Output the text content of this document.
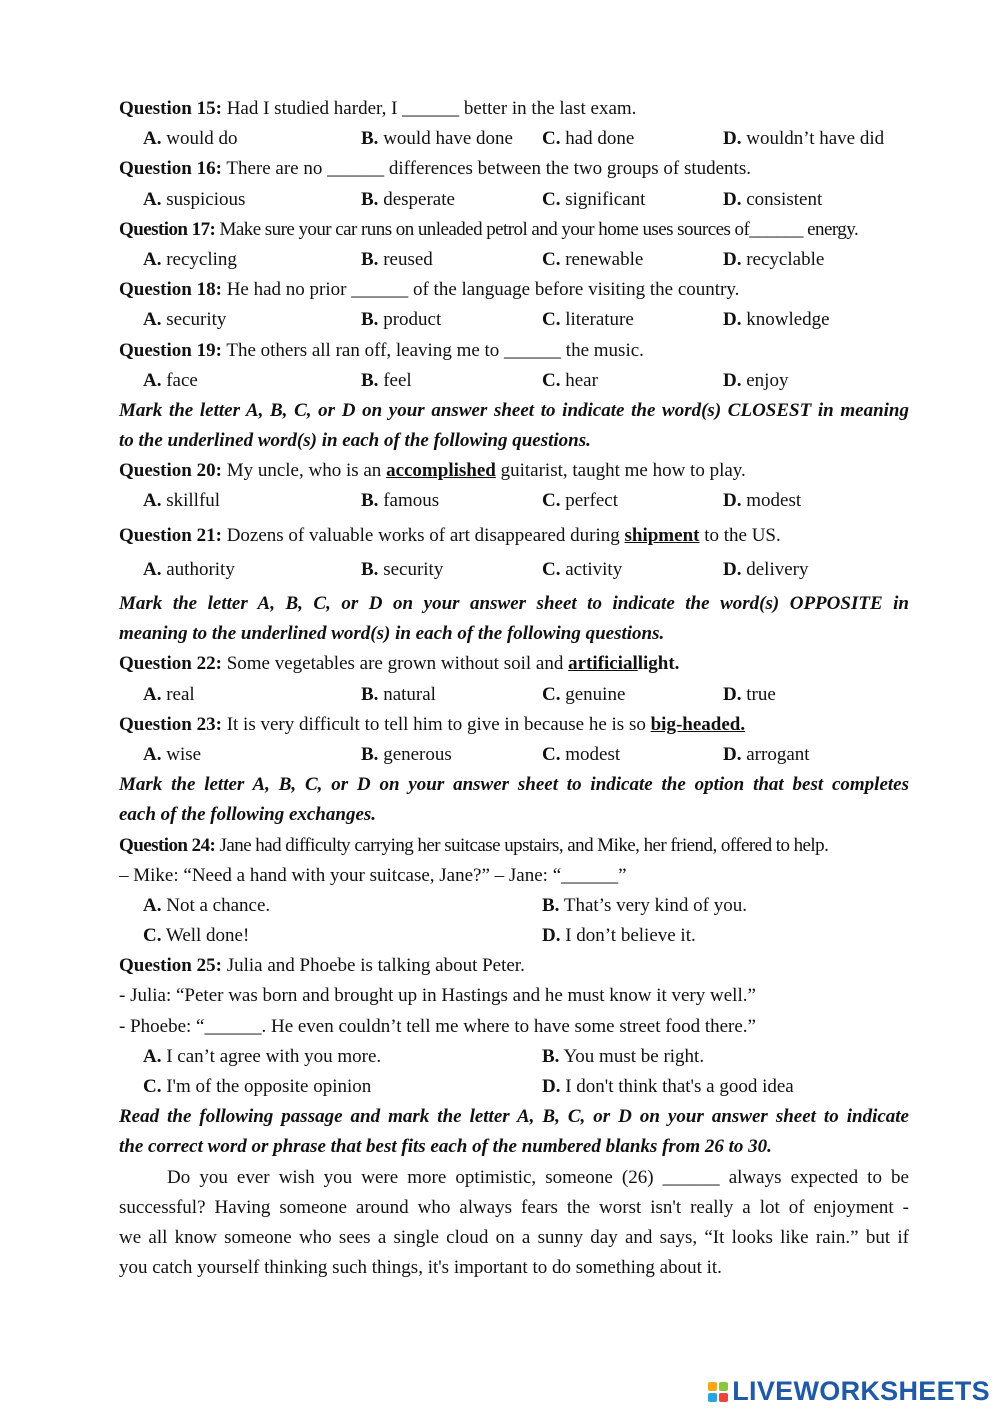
Question 15: Had I studied harder, I ______ better in the last exam.
A. would do	B. would have done C. had done	D. wouldn’t have did
Question 16: There are no ______ differences between the two groups of students.
A. suspicious	B. desperate	C. significant	D. consistent
Question 17: Make sure your car runs on unleaded petrol and your home uses sources of______ energy.
A. recycling	B. reused	C. renewable	D. recyclable
Question 18: He had no prior ______ of the language before visiting the country.
A. security	B. product	C. literature	D. knowledge
Question 19: The others all ran off, leaving me to ______ the music.
A. face	B. feel	C. hear	D. enjoy
Mark the letter A, B, C, or D on your answer sheet to indicate the word(s) CLOSEST in meaning
to the underlined word(s) in each of the following questions.
Question 20: My uncle, who is an accomplished guitarist, taught me how to play.
A. skillful	B. famous	C. perfect	D. modest
Question 21: Dozens of valuable works of art disappeared during shipment to the US.
A. authority	B. security	C. activity	D. delivery
Mark the letter A, B, C, or D on your answer sheet to indicate the word(s) OPPOSITE in
meaning to the underlined word(s) in each of the following questions.
Question 22: Some vegetables are grown without soil and artificiallight.
A. real	B. natural	C. genuine	D. true
Question 23: It is very difficult to tell him to give in because he is so big-headed.
A. wise	B. generous	C. modest	D. arrogant
Mark the letter A, B, C, or D on your answer sheet to indicate the option that best completes
each of the following exchanges.
Question 24: Jane had difficulty carrying her suitcase upstairs, and Mike, her friend, offered to help.
– Mike: “Need a hand with your suitcase, Jane?” – Jane: “______”
A. Not a chance.	B. That’s very kind of you.
C. Well done!	D. I don’t believe it.
Question 25: Julia and Phoebe is talking about Peter.
- Julia: “Peter was born and brought up in Hastings and he must know it very well.”
- Phoebe: “______. He even couldn’t tell me where to have some street food there.”
A. I can’t agree with you more.	B. You must be right.
C. I'm of the opposite opinion	D. I don't think that's a good idea
Read the following passage and mark the letter A, B, C, or D on your answer sheet to indicate
the correct word or phrase that best fits each of the numbered blanks from 26 to 30.
Do you ever wish you were more optimistic, someone (26) ______ always expected to be
successful? Having someone around who always fears the worst isn't really a lot of enjoyment -
we all know someone who sees a single cloud on a sunny day and says, “It looks like rain.” but if
you catch yourself thinking such things, it's important to do something about it.
LIVEWORKSHEETS
